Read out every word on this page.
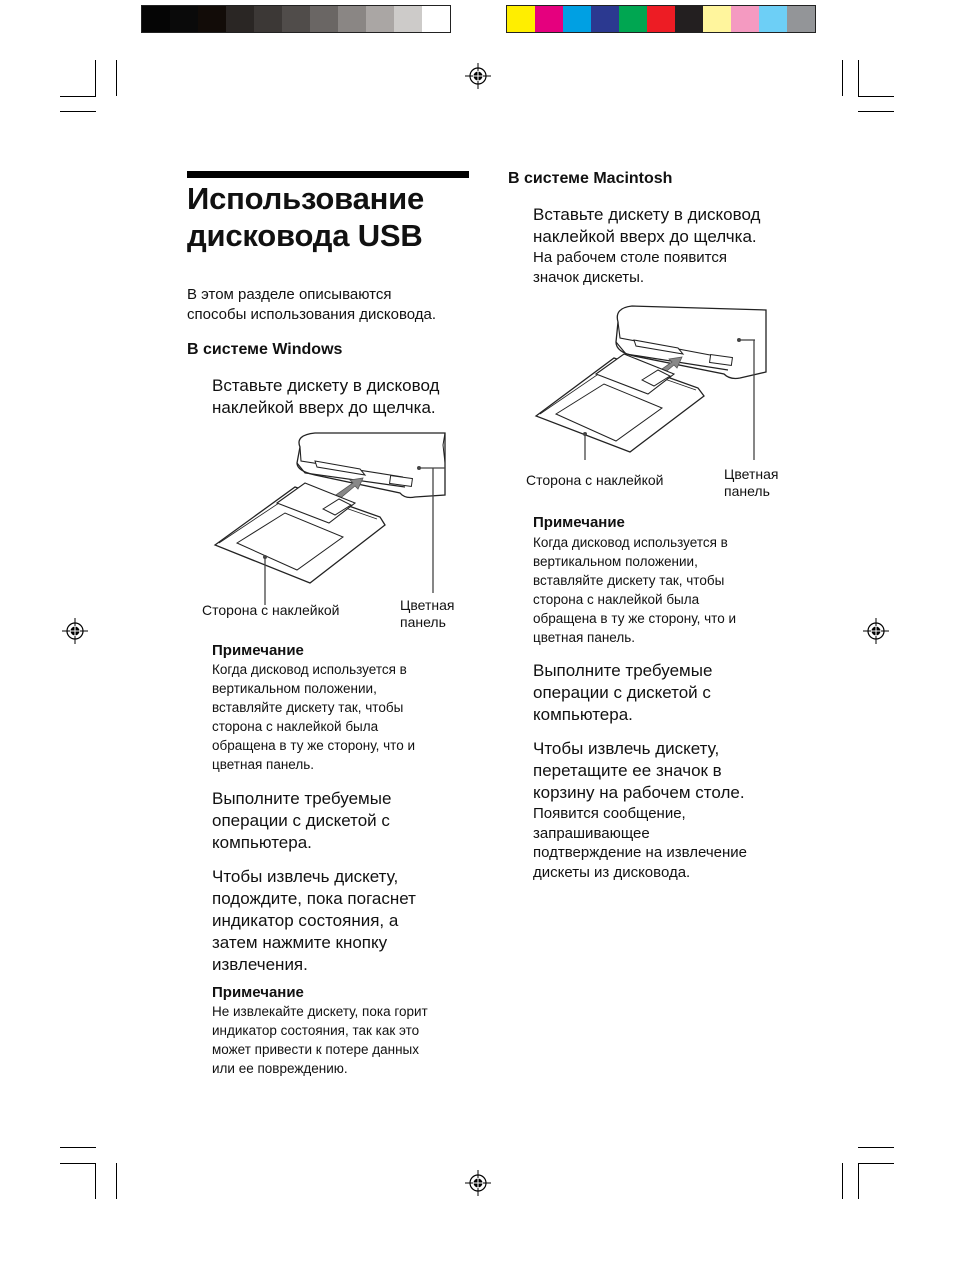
Использование
дисковода USB

В этом разделе описываются
способы использования дисковода.

В системе Windows

Вставьте дискету в дисковод
наклейкой вверх до щелчка.

Сторона с наклейкой	Цветная
панель

Примечание

Когда дисковод используется в
вертикальном положении,
вставляйте дискету так, чтобы
сторона с наклейкой была
обращена в ту же сторону, что и
цветная панель.

Выполните требуемые
операции с дискетой с
компьютера.

Чтобы извлечь дискету,
подождите, пока погаснет
индикатор состояния, а
затем нажмите кнопку
извлечения.

Примечание

Не извлекайте дискету, пока горит
индикатор состояния, так как это
может привести к потере данных
или ее повреждению.

В системе Macintosh

Вставьте дискету в дисковод
наклейкой вверх до щелчка.

На рабочем столе появится
значок дискеты.

Сторона с наклейкой	Цветная
панель

Примечание

Когда дисковод используется в
вертикальном положении,
вставляйте дискету так, чтобы
сторона с наклейкой была
обращена в ту же сторону, что и
цветная панель.

Выполните требуемые
операции с дискетой с
компьютера.

Чтобы извлечь дискету,
перетащите ее значок в
корзину на рабочем столе.

Появится сообщение,
запрашивающее
подтверждение на извлечение
дискеты из дисковода.
